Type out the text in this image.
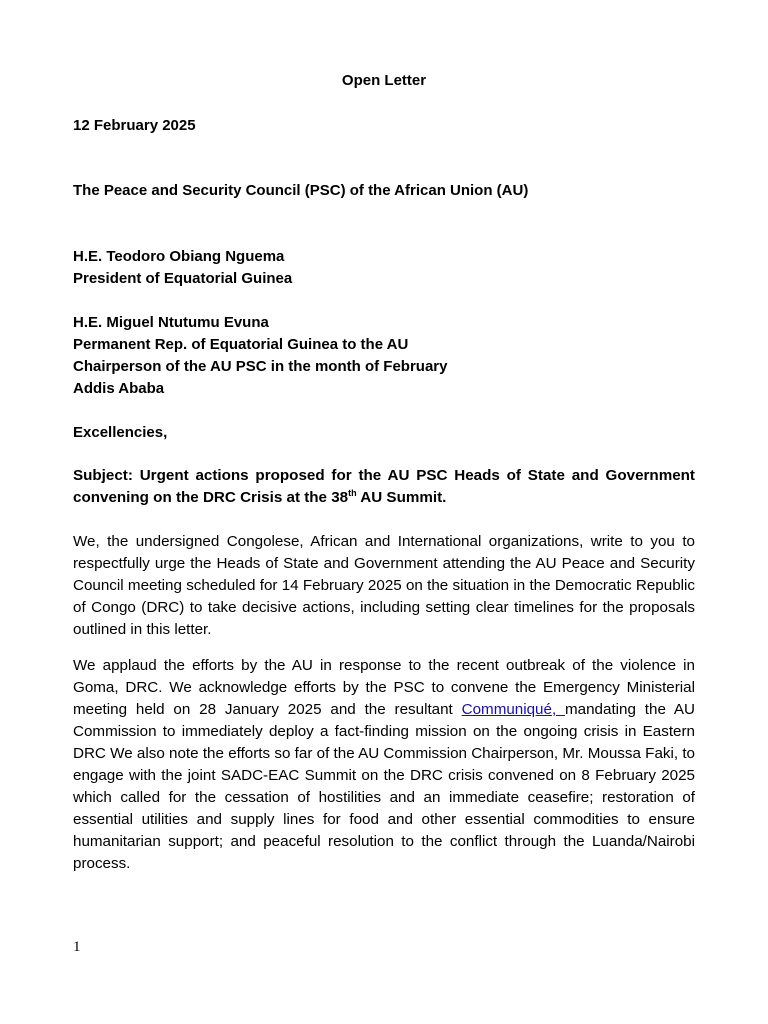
Open Letter
12 February 2025
The Peace and Security Council (PSC) of the African Union (AU)
H.E. Teodoro Obiang Nguema
President of Equatorial Guinea
H.E. Miguel Ntutumu Evuna
Permanent Rep. of Equatorial Guinea to the AU
Chairperson of the AU PSC in the month of February
Addis Ababa
Excellencies,
Subject: Urgent actions proposed for the AU PSC Heads of State and Government convening on the DRC Crisis at the 38th AU Summit.
We, the undersigned Congolese, African and International organizations, write to you to respectfully urge the Heads of State and Government attending the AU Peace and Security Council meeting scheduled for 14 February 2025 on the situation in the Democratic Republic of Congo (DRC) to take decisive actions, including setting clear timelines for the proposals outlined in this letter.
We applaud the efforts by the AU in response to the recent outbreak of the violence in Goma, DRC. We acknowledge efforts by the PSC to convene the Emergency Ministerial meeting held on 28 January 2025 and the resultant Communiqué, mandating the AU Commission to immediately deploy a fact-finding mission on the ongoing crisis in Eastern DRC We also note the efforts so far of the AU Commission Chairperson, Mr. Moussa Faki, to engage with the joint SADC-EAC Summit on the DRC crisis convened on 8 February 2025 which called for the cessation of hostilities and an immediate ceasefire; restoration of essential utilities and supply lines for food and other essential commodities to ensure humanitarian support; and peaceful resolution to the conflict through the Luanda/Nairobi process.
1
